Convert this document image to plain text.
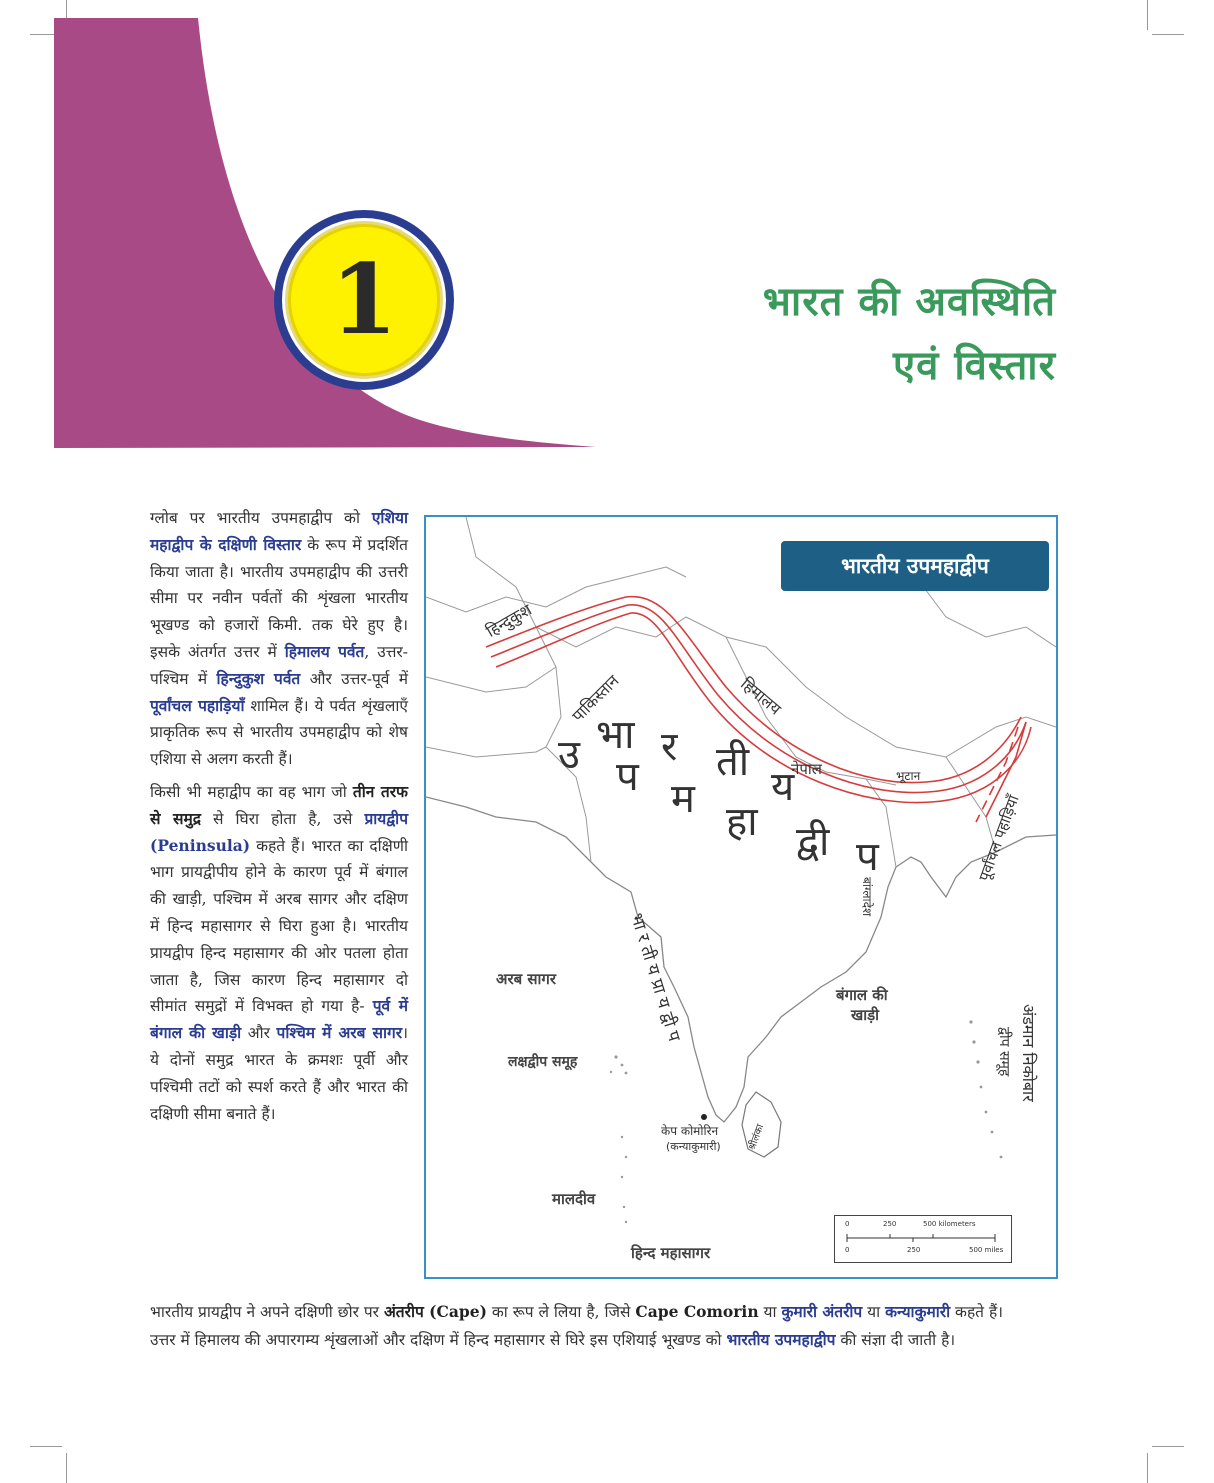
1	भारत की अवस्थिति
एवं विस्तार

ग्लोब पर भारतीय उपमहाद्वीप को एशिया महाद्वीप के दक्षिणी विस्तार के रूप में प्रदर्शित किया जाता है। भारतीय उपमहाद्वीप की उत्तरी सीमा पर नवीन पर्वतों की शृंखला भारतीय भूखण्ड को हजारों किमी. तक घेरे हुए है। इसके अंतर्गत उत्तर में हिमालय पर्वत, उत्तर-पश्चिम में हिन्दुकुश पर्वत और उत्तर-पूर्व में पूर्वांचल पहाड़ियाँ शामिल हैं। ये पर्वत शृंखलाएँ प्राकृतिक रूप से भारतीय उपमहाद्वीप को शेष एशिया से अलग करती हैं।

किसी भी महाद्वीप का वह भाग जो तीन तरफ से समुद्र से घिरा होता है, उसे प्रायद्वीप (Peninsula) कहते हैं। भारत का दक्षिणी भाग प्रायद्वीपीय होने के कारण पूर्व में बंगाल की खाड़ी, पश्चिम में अरब सागर और दक्षिण में हिन्द महासागर से घिरा हुआ है। भारतीय प्रायद्वीप हिन्द महासागर की ओर पतला होता जाता है, जिस कारण हिन्द महासागर दो सीमांत समुद्रों में विभक्त हो गया है- पूर्व में बंगाल की खाड़ी और पश्चिम में अरब सागर। ये दोनों समुद्र भारत के क्रमशः पूर्वी और पश्चिमी तटों को स्पर्श करते हैं और भारत की दक्षिणी सीमा बनाते हैं।

भारतीय प्रायद्वीप ने अपने दक्षिणी छोर पर अंतरीप (Cape) का रूप ले लिया है, जिसे Cape Comorin या कुमारी अंतरीप या कन्याकुमारी कहते हैं।

उत्तर में हिमालय की अपारगम्य शृंखलाओं और दक्षिण में हिन्द महासागर से घिरे इस एशियाई भूखण्ड को भारतीय उपमहाद्वीप की संज्ञा दी जाती है।

भारतीय उपमहाद्वीप
हिन्दुकुश
पाकिस्तान	हिमालय
नेपाल	भूटान
बांग्लादेश
पूर्वांचल पहाड़ियाँ
भा र ती
य
उ प म हा द्वी प
भा र ती य प्रा य द्वी प
अरब सागर
बंगाल की
खाड़ी
लक्षद्वीप समूह
केप कोमोरिन
(कन्याकुमारी)	श्रीलंका
अंडमान निकोबार
द्वीप समूह
मालदीव
हिन्द महासागर
0	250	500 kilometers
0	250	500 miles
